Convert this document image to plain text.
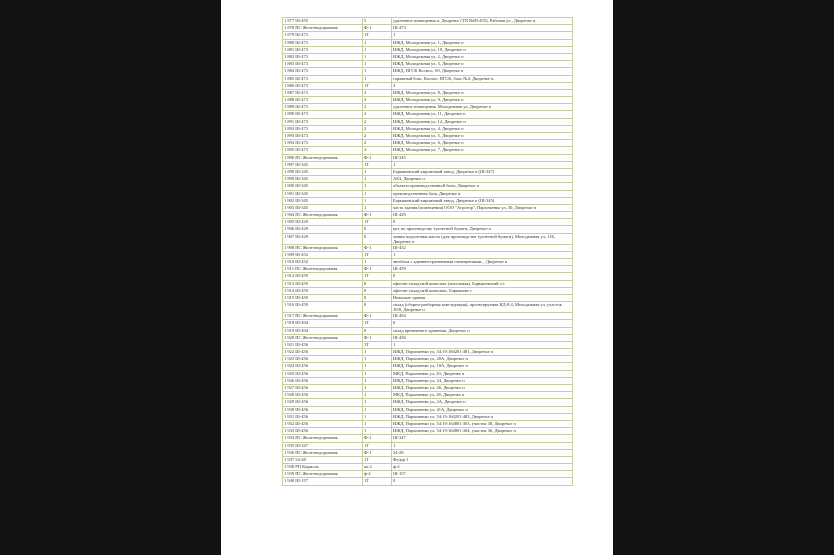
1 877 Ш-455	5	удаленное помещения п. Дворечье (ТП №Ш-455), Рабочая ул., Дворечье п.
1 878 ПС Железнодорожная	Ф-1	Ш-473
1 879 Ш-473	1Т	1
1 880 Ш-473	1	ИЖД, Молодежная ул, 1, Дворечье п
1 881 Ш-473	1	ИЖД, Молодежная ул, 10, Дворечье п
1 882 Ш-473	1	ИЖД, Молодежная ул, 2, Дворечье п
1 883 Ш-473	1	ИЖД, Молодежная ул, 3, Дворечье п
1 884 Ш-473	1	ИЖД, ПГСК Космос, 69, Дворечье п
1 885 Ш-473	1	гаражный бокс, Космос ПГСК, бокс №4, Дворечье п,
1 886 Ш-473	1Т	2
1 887 Ш-473	2	ИЖД, Молодежная ул, 8, Дворечье п
1 888 Ш-473	2	ИЖД, Молодежная ул, 9, Дворечье п
1 889 Ш-473	2	удаленное помещения, Молодежная ул, Дворечье п
1 890 Ш-473	2	ИЖД, Молодежная ул, 11, Дворечье п
1 891 Ш-473	2	ИЖД, Молодежная ул, 12, Дворечье п
1 892 Ш-473	2	ИЖД, Молодежная ул, 4, Дворечье п
1 893 Ш-473	2	ИЖД, Молодежная ул, 5, Дворечье п
1 894 Ш-473	2	ИЖД, Молодежная ул, 6, Дворечье п
1 895 Ш-473	2	ИЖД, Молодежная ул, 7, Дворечье п
1 896 ПС Железнодорожная	Ф-1	Ш-345
1 897 Ш-345	1Т	1
1 898 Ш-345	1	Барышевский кирпичный завод, Дворечье п (Ш-347)
1 899 Ш-345	1	АБЗ, Дворечье п
1 900 Ш-345	1	объекты производственной базы, Дворечье п
1 901 Ш-345	1	производственная база, Дворечье п
1 902 Ш-345	1	Барышевский кирпичный завод, Дворечье п (Ш-345)
1 903 Ш-345	1	часть здания (помещения) ООО "Агротор", Пархоменко ул, 30, Дворечье п
1 904 ПС Железнодорожная	Ф-1	Ш-429
1 905 Ш-429	1Т	0
1 906 Ш-429	0	цех по производству туалетной бумаги, Дворечье п
1 907 Ш-429	0	линия подготовки массы (для производства туалетной бумаги), Молодежная ул, 11Б, Дворечье п
1 908 ПС Железнодорожная	Ф-1	Ш-452
1 909 Ш-452	1Т	1
1 910 Ш-452	1	автобаза с административными помещениями, , Дворечье п
1 911 ПС Железнодорожная	Ф-1	Ш-459
1 912 Ш-459	1Т	0
1 913 Ш-459	0	офисно-складской комплекс (котельная), Барышевский с/с
1 914 Ш-459	0	офисно-складской комплекс, Барышево с
1 915 Ш-459	0	Нежилые здания
1 916 Ш-459	0	склад (сборно-разборная конструкция), проектируемая КД-8.4, Молодежная ул, участок 10/8, Дворечье п
1 917 ПС Железнодорожная	Ф-1	Ш-494
1 918 Ш-494	1Т	0
1 919 Ш-494	0	склад временного хранения, Дворечье п
1 920 ПС Железнодорожная	Ф-1	Ш-456
1 921 Ш-456	1Т	1
1 922 Ш-456	1	ИЖД, Пархоменко ул, 54:19:160201:481, Дворечье п
1 923 Ш-456	1	ИЖД, Пархоменко ул, 20А, Дворечье п
1 924 Ш-456	1	ИЖД, Пархоменко ул, 18А, Дворечье п
1 925 Ш-456	1	МКД, Пархоменко ул, 20, Дворечье п
1 926 Ш-456	1	ИЖД, Пархоменко ул, 24, Дворечье п
1 927 Ш-456	1	ИЖД, Пархоменко ул, 26, Дворечье п
1 928 Ш-456	1	МКД, Пархоменко ул, 28, Дворечье п
1 929 Ш-456	1	ИЖД, Пархоменко ул, 2А, Дворечье п
1 930 Ш-456	1	ИЖД, Пархоменко ул, 41А, Дворечье п
1 931 Ш-456	1	ИЖД, Пархоменко ул, 54:19:160201:485, Дворечье п
1 932 Ш-456	1	ИЖД, Пархоменко ул, 54:19:164801:363, участок 38, Дворечье п
1 933 Ш-456	1	ИЖД, Пархоменко ул, 54:19:164801:364, участок 36, Дворечье п
1 934 ПС Железнодорожная	Ф-1	Ш-347
1 935 Ш-347	1Т	1
1 936 ПС Железнодорожная	Ф-1	54-28
1 937 54-28	1Т	Федор I
1 938 РП Кирилль	яч.2	ф-2
1 939 ПС Железнодорожная	ф-2	Ш-157
1 940 Ш-157	1Т	0
